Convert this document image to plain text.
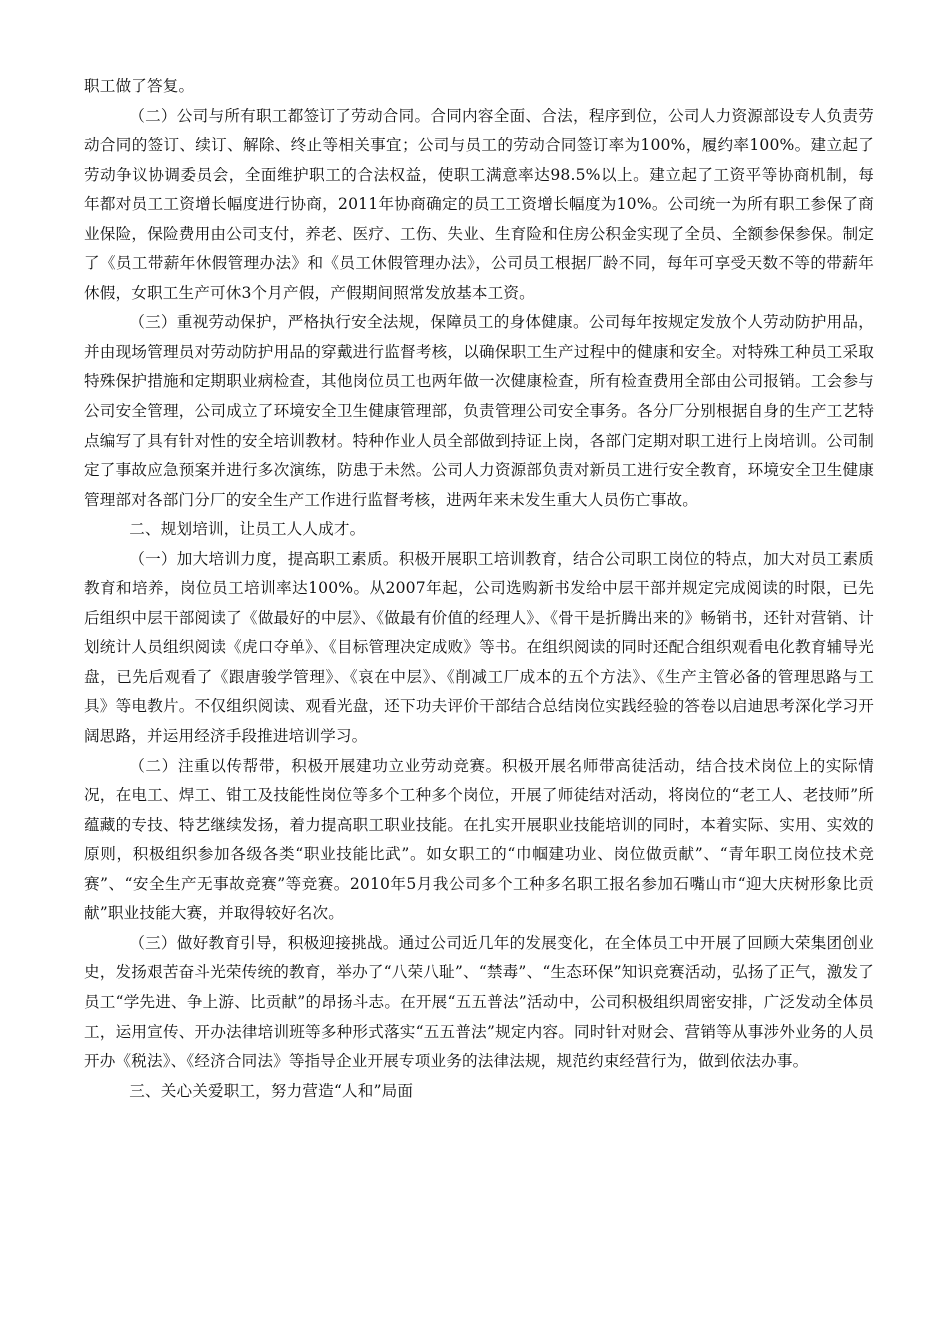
职工做了答复。

（二）公司与所有职工都签订了劳动合同。合同内容全面、合法，程序到位，公司人力资源部设专人负责劳动合同的签订、续订、解除、终止等相关事宜；公司与员工的劳动合同签订率为100%，履约率100%。建立起了劳动争议协调委员会，全面维护职工的合法权益，使职工满意率达98.5%以上。建立起了工资平等协商机制，每年都对员工工资增长幅度进行协商，2011年协商确定的员工工资增长幅度为10%。公司统一为所有职工参保了商业保险，保险费用由公司支付，养老、医疗、工伤、失业、生育险和住房公积金实现了全员、全额参保参保。制定了《员工带薪年休假管理办法》和《员工休假管理办法》，公司员工根据厂龄不同，每年可享受天数不等的带薪年休假，女职工生产可休3个月产假，产假期间照常发放基本工资。

（三）重视劳动保护，严格执行安全法规，保障员工的身体健康。公司每年按规定发放个人劳动防护用品，并由现场管理员对劳动防护用品的穿戴进行监督考核，以确保职工生产过程中的健康和安全。对特殊工种员工采取特殊保护措施和定期职业病检查，其他岗位员工也两年做一次健康检查，所有检查费用全部由公司报销。工会参与公司安全管理，公司成立了环境安全卫生健康管理部，负责管理公司安全事务。各分厂分别根据自身的生产工艺特点编写了具有针对性的安全培训教材。特种作业人员全部做到持证上岗，各部门定期对职工进行上岗培训。公司制定了事故应急预案并进行多次演练，防患于未然。公司人力资源部负责对新员工进行安全教育，环境安全卫生健康管理部对各部门分厂的安全生产工作进行监督考核，进两年来未发生重大人员伤亡事故。

二、规划培训，让员工人人成才。

（一）加大培训力度，提高职工素质。积极开展职工培训教育，结合公司职工岗位的特点，加大对员工素质教育和培养，岗位员工培训率达100%。从2007年起，公司选购新书发给中层干部并规定完成阅读的时限，已先后组织中层干部阅读了《做最好的中层》、《做最有价值的经理人》、《骨干是折腾出来的》畅销书，还针对营销、计划统计人员组织阅读《虎口夺单》、《目标管理决定成败》等书。在组织阅读的同时还配合组织观看电化教育辅导光盘，已先后观看了《跟唐骏学管理》、《哀在中层》、《削减工厂成本的五个方法》、《生产主管必备的管理思路与工具》等电教片。不仅组织阅读、观看光盘，还下功夫评价干部结合总结岗位实践经验的答卷以启迪思考深化学习开阔思路，并运用经济手段推进培训学习。

（二）注重以传帮带，积极开展建功立业劳动竞赛。积极开展名师带高徒活动，结合技术岗位上的实际情况，在电工、焊工、钳工及技能性岗位等多个工种多个岗位，开展了师徒结对活动，将岗位的“老工人、老技师”所蕴藏的专技、特艺继续发扬，着力提高职工职业技能。在扎实开展职业技能培训的同时，本着实际、实用、实效的原则，积极组织参加各级各类“职业技能比武”。如女职工的“巾帼建功业、岗位做贡献”、“青年职工岗位技术竞赛”、“安全生产无事故竞赛”等竞赛。2010年5月我公司多个工种多名职工报名参加石嘴山市“迎大庆树形象比贡献”职业技能大赛，并取得较好名次。

（三）做好教育引导，积极迎接挑战。通过公司近几年的发展变化，在全体员工中开展了回顾大荣集团创业史，发扬艰苦奋斗光荣传统的教育，举办了“八荣八耻”、“禁毒”、“生态环保”知识竞赛活动，弘扬了正气，激发了员工“学先进、争上游、比贡献”的昂扬斗志。在开展“五五普法”活动中，公司积极组织周密安排，广泛发动全体员工，运用宣传、开办法律培训班等多种形式落实“五五普法”规定内容。同时针对财会、营销等从事涉外业务的人员开办《税法》、《经济合同法》等指导企业开展专项业务的法律法规，规范约束经营行为，做到依法办事。

三、关心关爱职工，努力营造“人和”局面
